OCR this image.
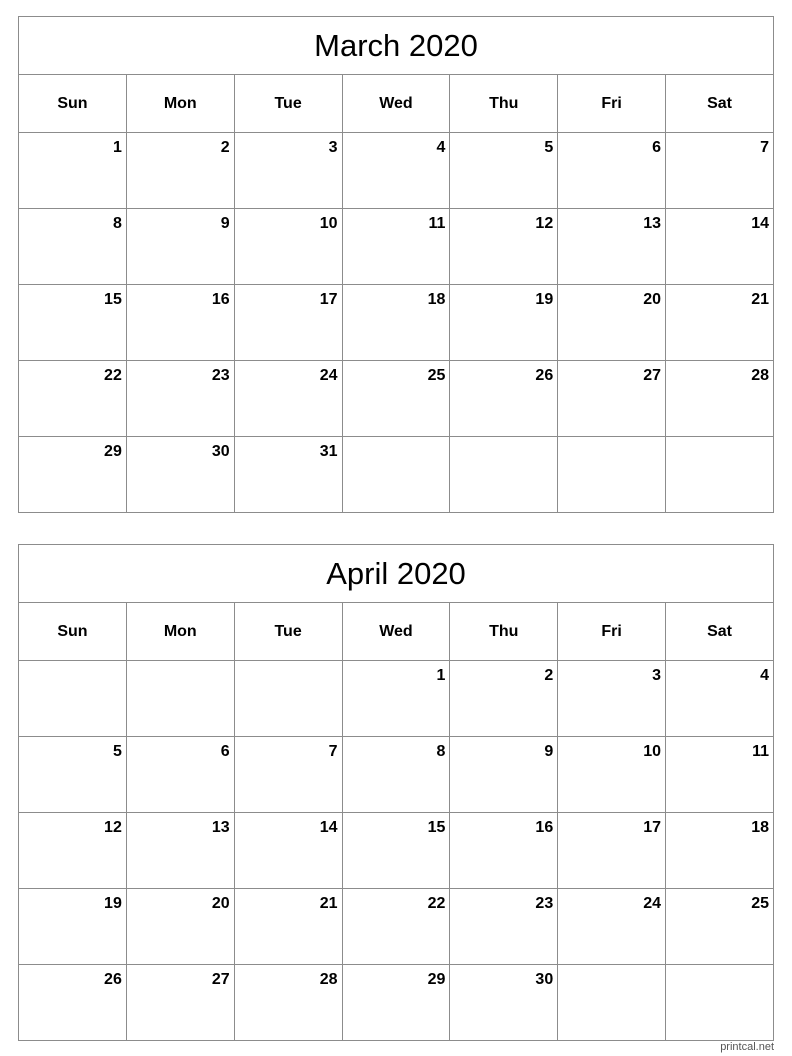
March 2020						
Sun	Mon	Tue	Wed	Thu	Fri	Sat
1	2	3	4	5	6	7
8	9	10	11	12	13	14
15	16	17	18	19	20	21
22	23	24	25	26	27	28
29	30	31				
April 2020						
Sun	Mon	Tue	Wed	Thu	Fri	Sat
			1	2	3	4
5	6	7	8	9	10	11
12	13	14	15	16	17	18
19	20	21	22	23	24	25
26	27	28	29	30		
printcal.net
